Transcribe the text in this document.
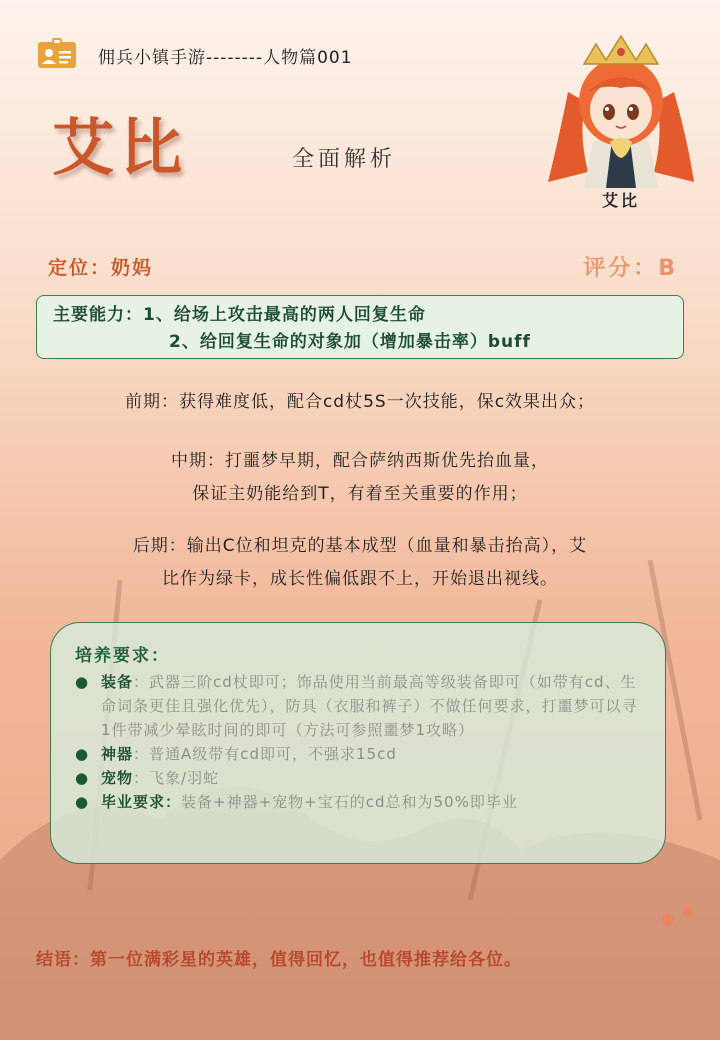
佣兵小镇手游--------人物篇001
艾比	全面解析
艾比
定位：奶妈	评分：B
主要能力：1、给场上攻击最高的两人回复生命
2、给回复生命的对象加（增加暴击率）buff
前期：获得难度低，配合cd杖5S一次技能，保c效果出众；
中期：打噩梦早期，配合萨纳西斯优先抬血量，
保证主奶能给到T，有着至关重要的作用；
后期：输出C位和坦克的基本成型（血量和暴击抬高），艾
比作为绿卡，成长性偏低跟不上，开始退出视线。
培养要求：
● 装备：武器三阶cd杖即可；饰品使用当前最高等级装备即可（如带有cd、生命词条更佳且强化优先），防具（衣服和裤子）不做任何要求，打噩梦可以寻1件带减少晕眩时间的即可（方法可参照噩梦1攻略）
● 神器：普通A级带有cd即可，不强求15cd
● 宠物：飞象/羽蛇
● 毕业要求：装备+神器+宠物+宝石的cd总和为50%即毕业
结语：第一位满彩星的英雄，值得回忆，也值得推荐给各位。
